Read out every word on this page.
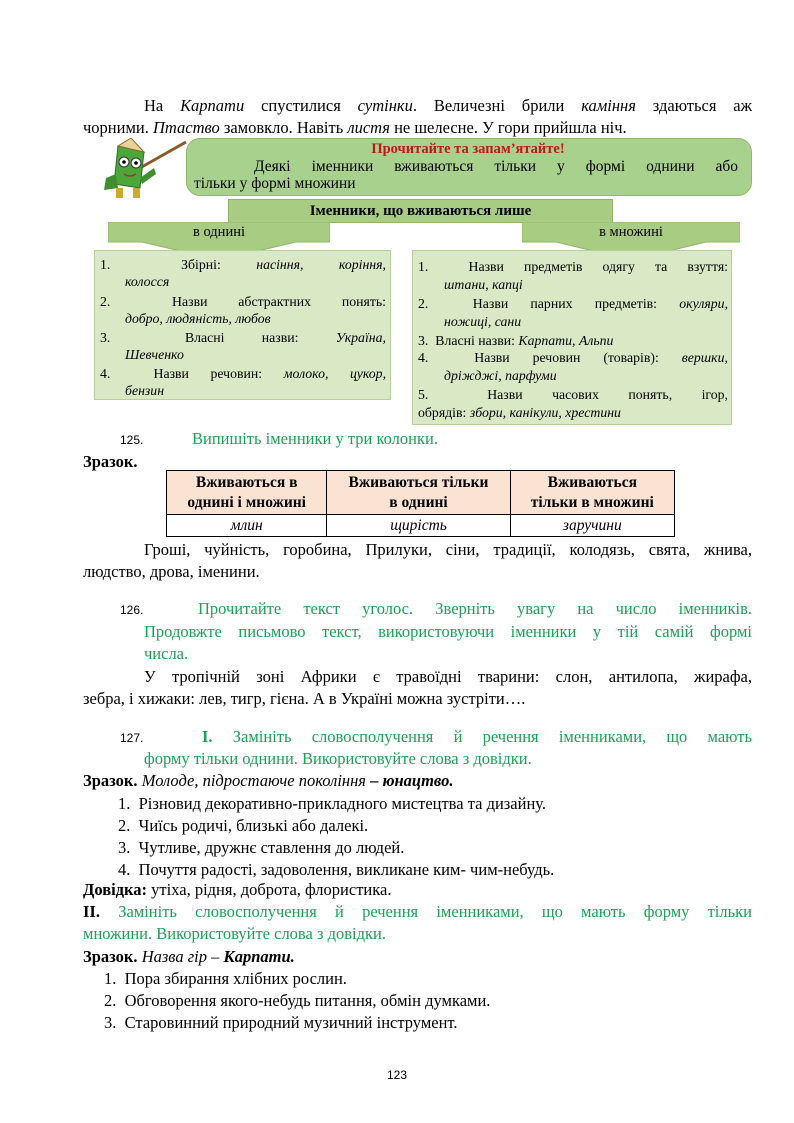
На Карпати спустилися сутінки. Величезні брили каміння здаються аж
чорними. Птаство замовкло. Навіть листя не шелесне. У гори прийшла ніч.
Прочитайте та запам’ятайте!
Деякі іменники вживаються тільки у формі однини або
тільки у формі множини
Іменники, що вживаються лише
в однині	в множині
1.	Збірні:	насіння,	коріння,
колосся
2.	Назви абстрактних понять:
добро, людяність, любов
3.	Власні назви:	Україна,
Шевченко
4.	Назви речовин: молоко, цукор,
бензин
1.	Назви предметів одягу та взуття:
штани, капці
2.	Назви парних предметів: окуляри,
ножиці, сани
3. Власні назви: Карпати, Альпи
4.	Назви речовин (товарів): вершки,
дріжджі, парфуми
5.	Назви часових понять, ігор,
обрядів: збори, канікули, хрестини
125.	Випишіть іменники у три колонки.
Зразок.
Вживаються в
однині і множині	Вживаються тільки
в однині	Вживаються
тільки в множині
млин	щирість	заручини
Гроші, чуйність, горобина, Прилуки, сіни, традиції, колодязь, свята, жнива,
людство, дрова, іменини.
126.	Прочитайте текст уголос. Зверніть увагу на число іменників.
Продовжте письмово текст, використовуючи іменники у тій самій формі
числа.
У тропічній зоні Африки є травоїдні тварини: слон, антилопа, жирафа,
зебра, і хижаки: лев, тигр, гієна. А в Україні можна зустріти….
127.	І. Замініть словосполучення й речення іменниками, що мають
форму тільки однини. Використовуйте слова з довідки.
Зразок. Молоде, підростаюче покоління – юнацтво.
1. Різновид декоративно-прикладного мистецтва та дизайну.
2. Чиїсь родичі, близькі або далекі.
3. Чутливе, дружнє ставлення до людей.
4. Почуття радості, задоволення, викликане ким- чим-небудь.
Довідка: утіха, рідня, доброта, флористика.
ІІ. Замініть словосполучення й речення іменниками, що мають форму тільки
множини. Використовуйте слова з довідки.
Зразок. Назва гір – Карпати.
1. Пора збирання хлібних рослин.
2. Обговорення якого-небудь питання, обмін думками.
3. Старовинний природний музичний інструмент.
123
